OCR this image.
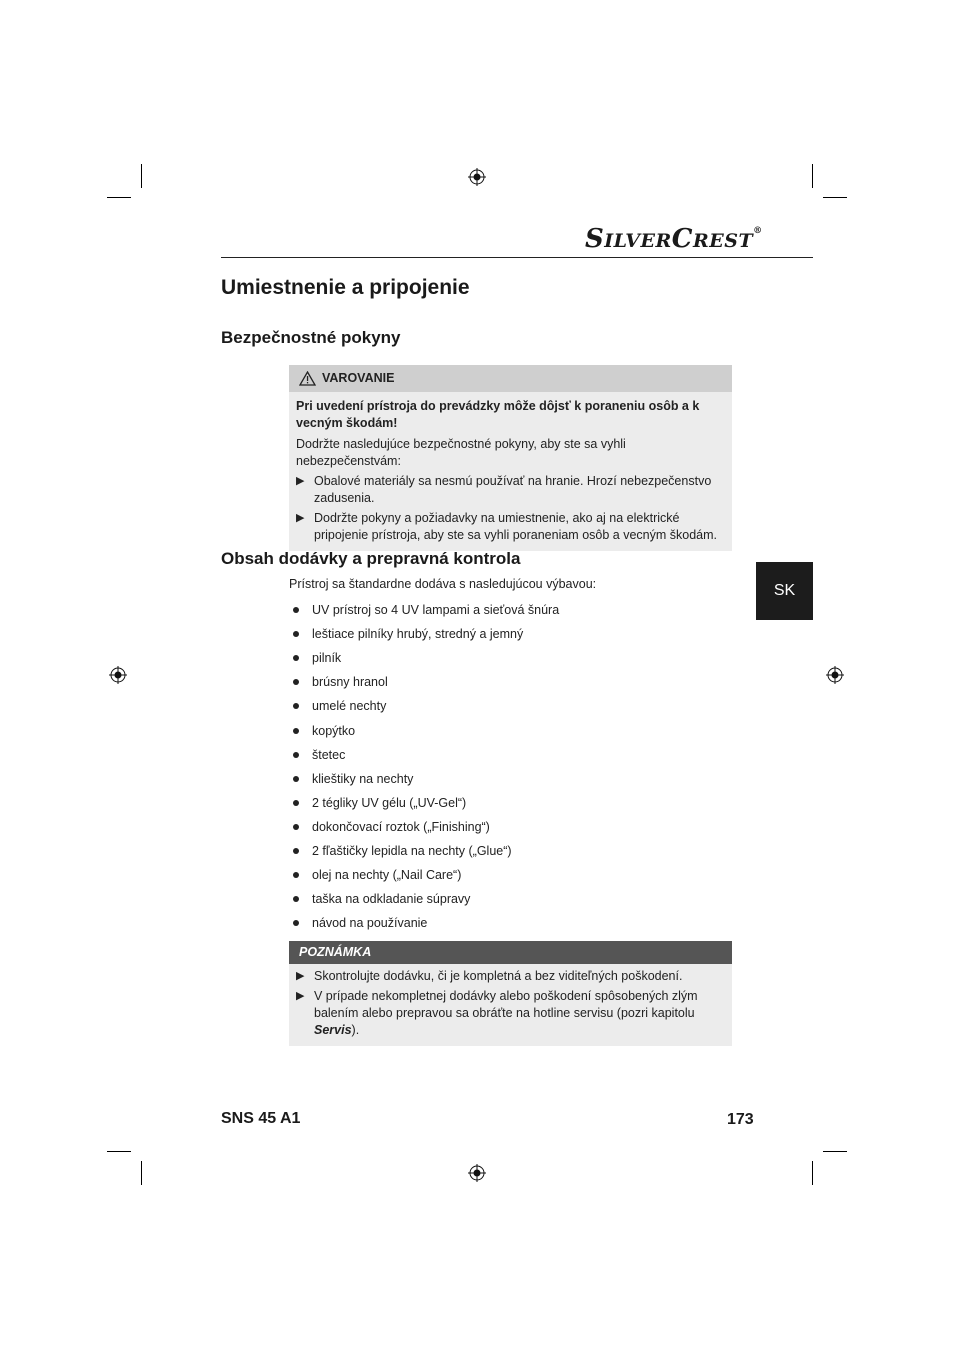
SILVERCREST®
Umiestnenie a pripojenie
Bezpečnostné pokyny
VAROVANIE

Pri uvedení prístroja do prevádzky môže dôjsť k poraneniu osôb a k vecným škodám!

Dodržte nasledujúce bezpečnostné pokyny, aby ste sa vyhli nebezpečenstvám:

▶ Obalové materiály sa nesmú používať na hranie. Hrozí nebezpečenstvo zadusenia.
▶ Dodržte pokyny a požiadavky na umiestnenie, ako aj na elektrické pripojenie prístroja, aby ste sa vyhli poraneniam osôb a vecným škodám.
Obsah dodávky a prepravná kontrola
Prístroj sa štandardne dodáva s nasledujúcou výbavou:
UV prístroj so 4 UV lampami a sieťová šnúra
leštiace pilníky hrubý, stredný a jemný
pilník
brúsny hranol
umelé nechty
kopýtko
štetec
klieštiky na nechty
2 tégliky UV gélu („UV-Gel“)
dokončovací roztok („Finishing“)
2 fľaštičky lepidla na nechty („Glue“)
olej na nechty („Nail Care“)
taška na odkladanie súpravy
návod na používanie
POZNÁMKA
▶ Skontrolujte dodávku, či je kompletná a bez viditeľných poškodení.
▶ V prípade nekompletnej dodávky alebo poškodení spôsobených zlým balením alebo prepravou sa obráťte na hotline servisu (pozri kapitolu Servis).
SK
SNS 45 A1	173
